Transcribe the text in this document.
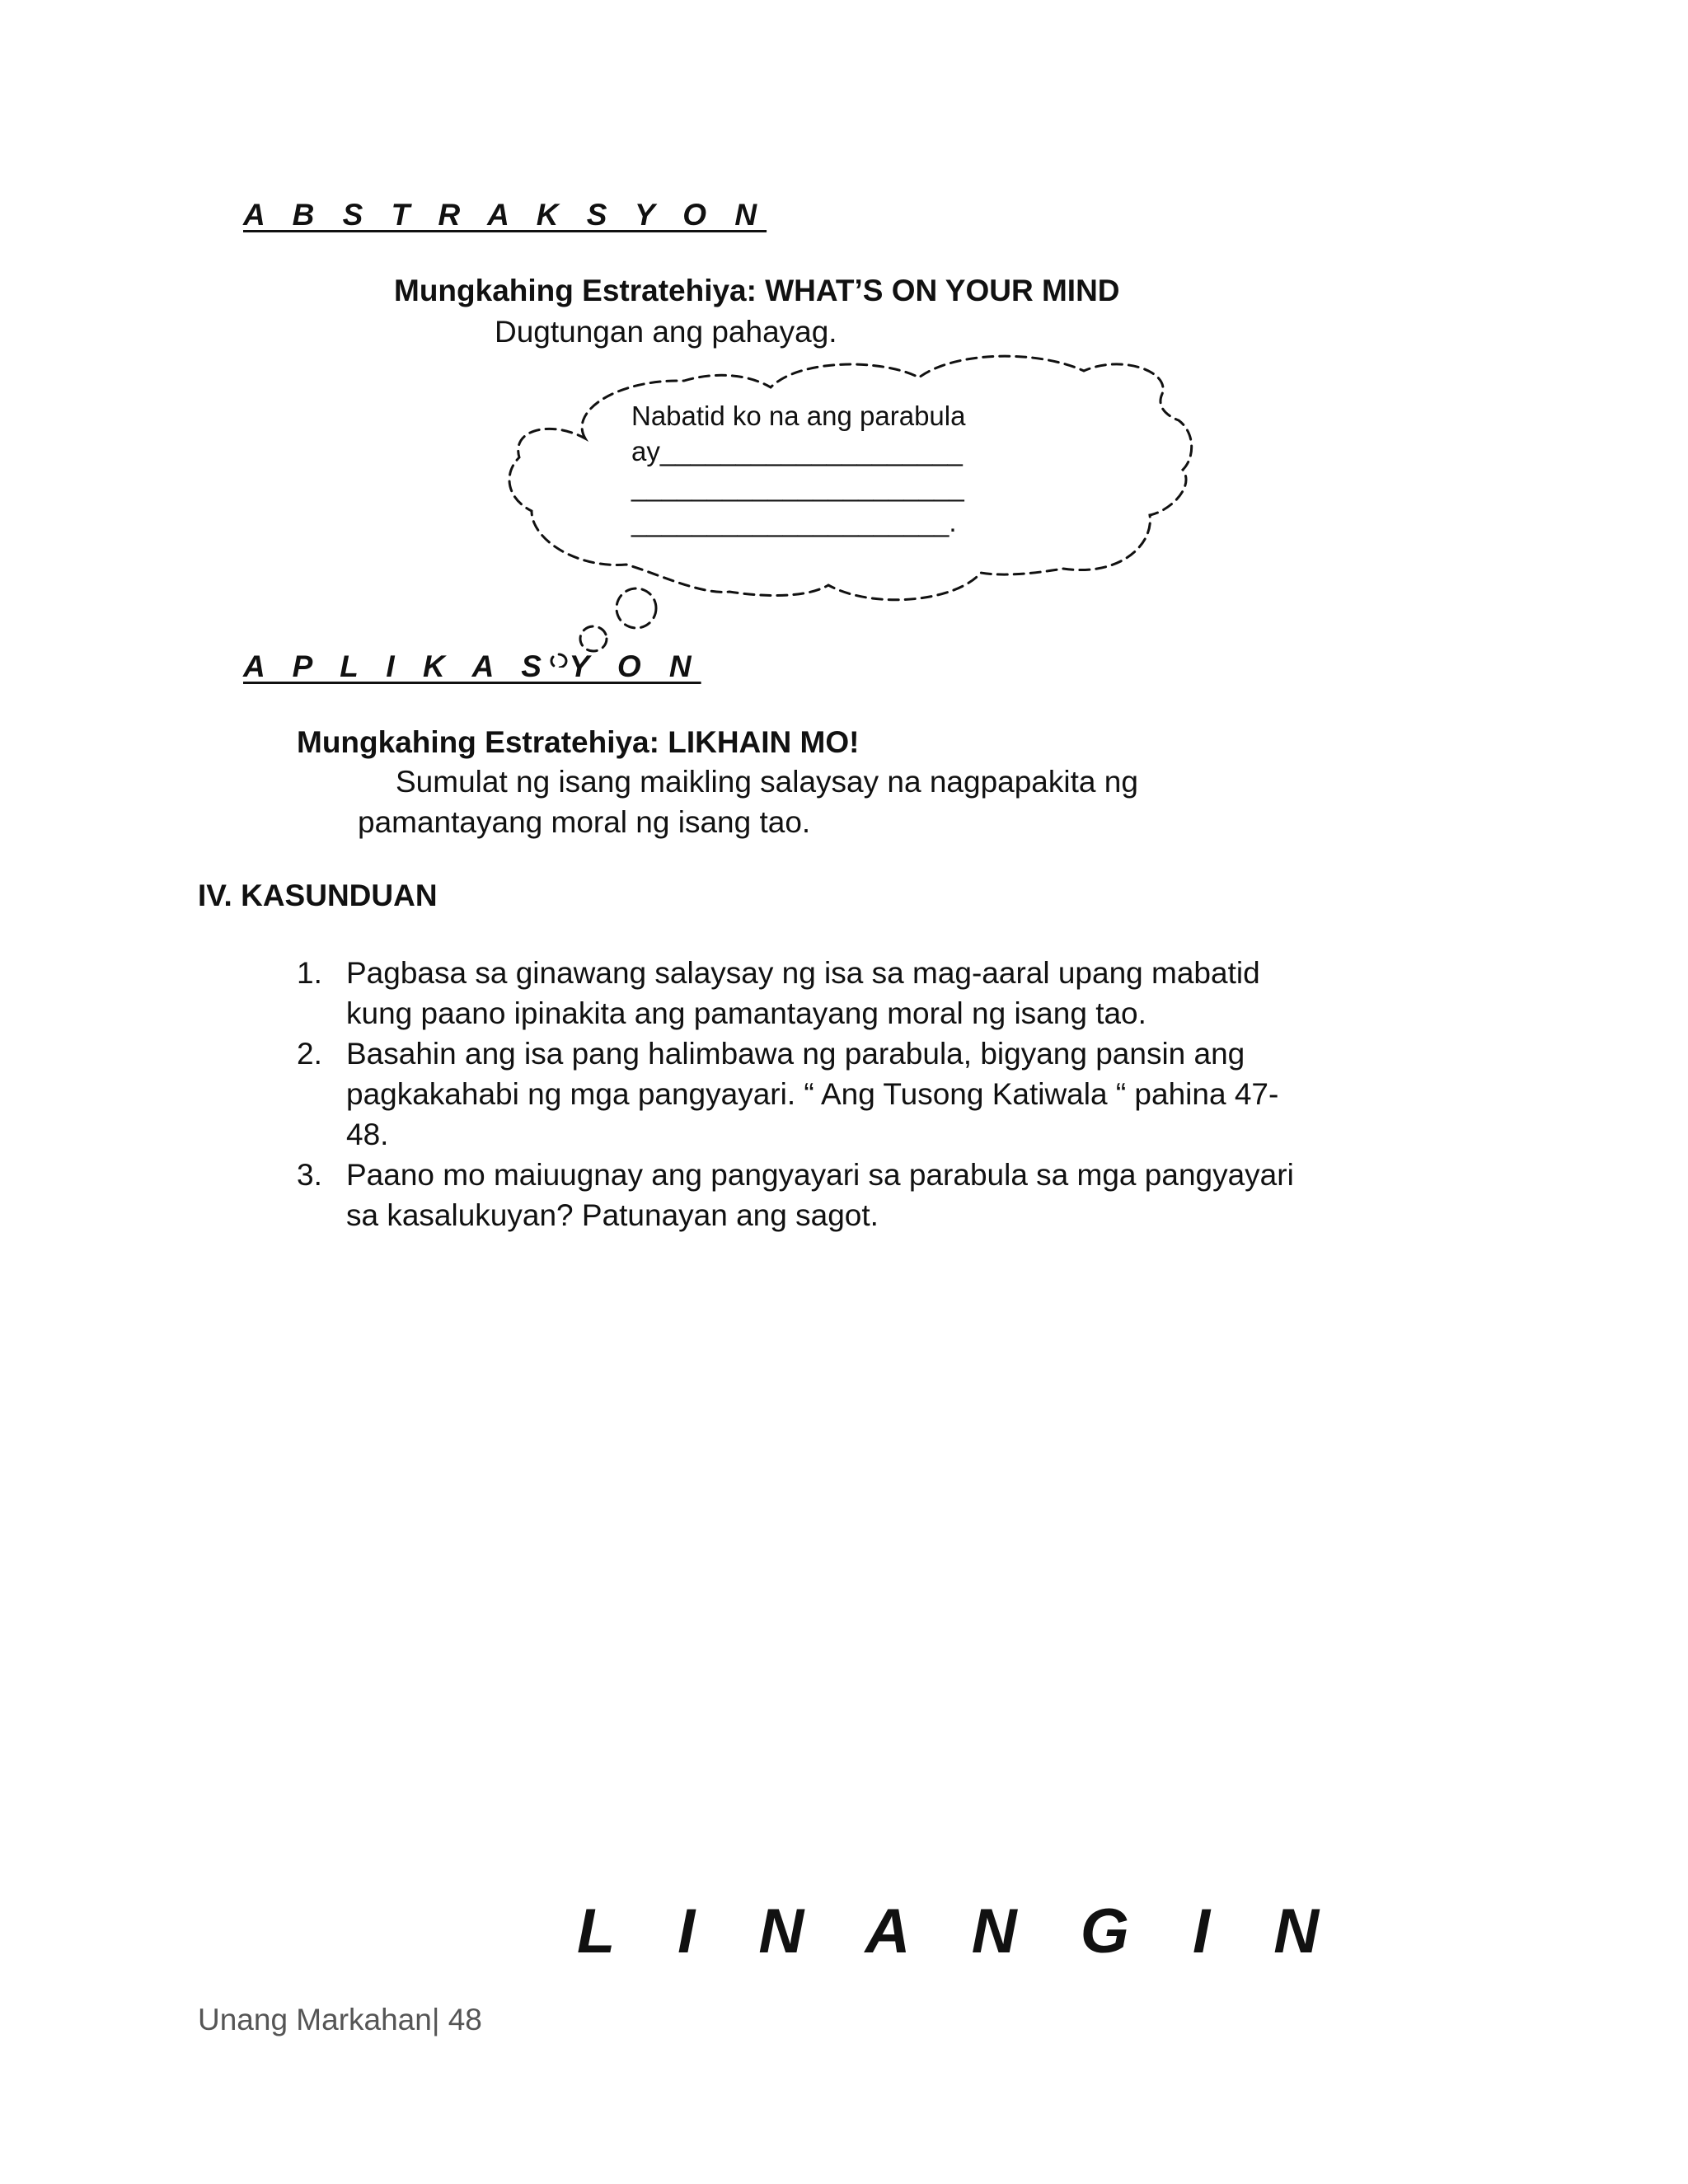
A B S T R A K S Y O N
Mungkahing Estratehiya: WHAT’S ON YOUR MIND
Dugtungan ang pahayag.
Nabatid ko na ang parabula
ay____________________
______________________
_____________________.
A P L I K A S Y O N
Mungkahing Estratehiya: LIKHAIN MO!
Sumulat ng isang maikling salaysay na nagpapakita ng
pamantayang moral ng isang tao.
IV. KASUNDUAN
1. Pagbasa sa ginawang salaysay ng isa sa mag-aaral upang mabatid
kung paano ipinakita ang pamantayang moral ng isang tao.
2. Basahin ang isa pang halimbawa ng parabula, bigyang pansin ang
pagkakahabi ng mga pangyayari. “ Ang Tusong Katiwala “ pahina 47-
48.
3. Paano mo maiuugnay ang pangyayari sa parabula sa mga pangyayari
sa kasalukuyan? Patunayan ang sagot.
L I N A N G I N
Unang Markahan| 48
